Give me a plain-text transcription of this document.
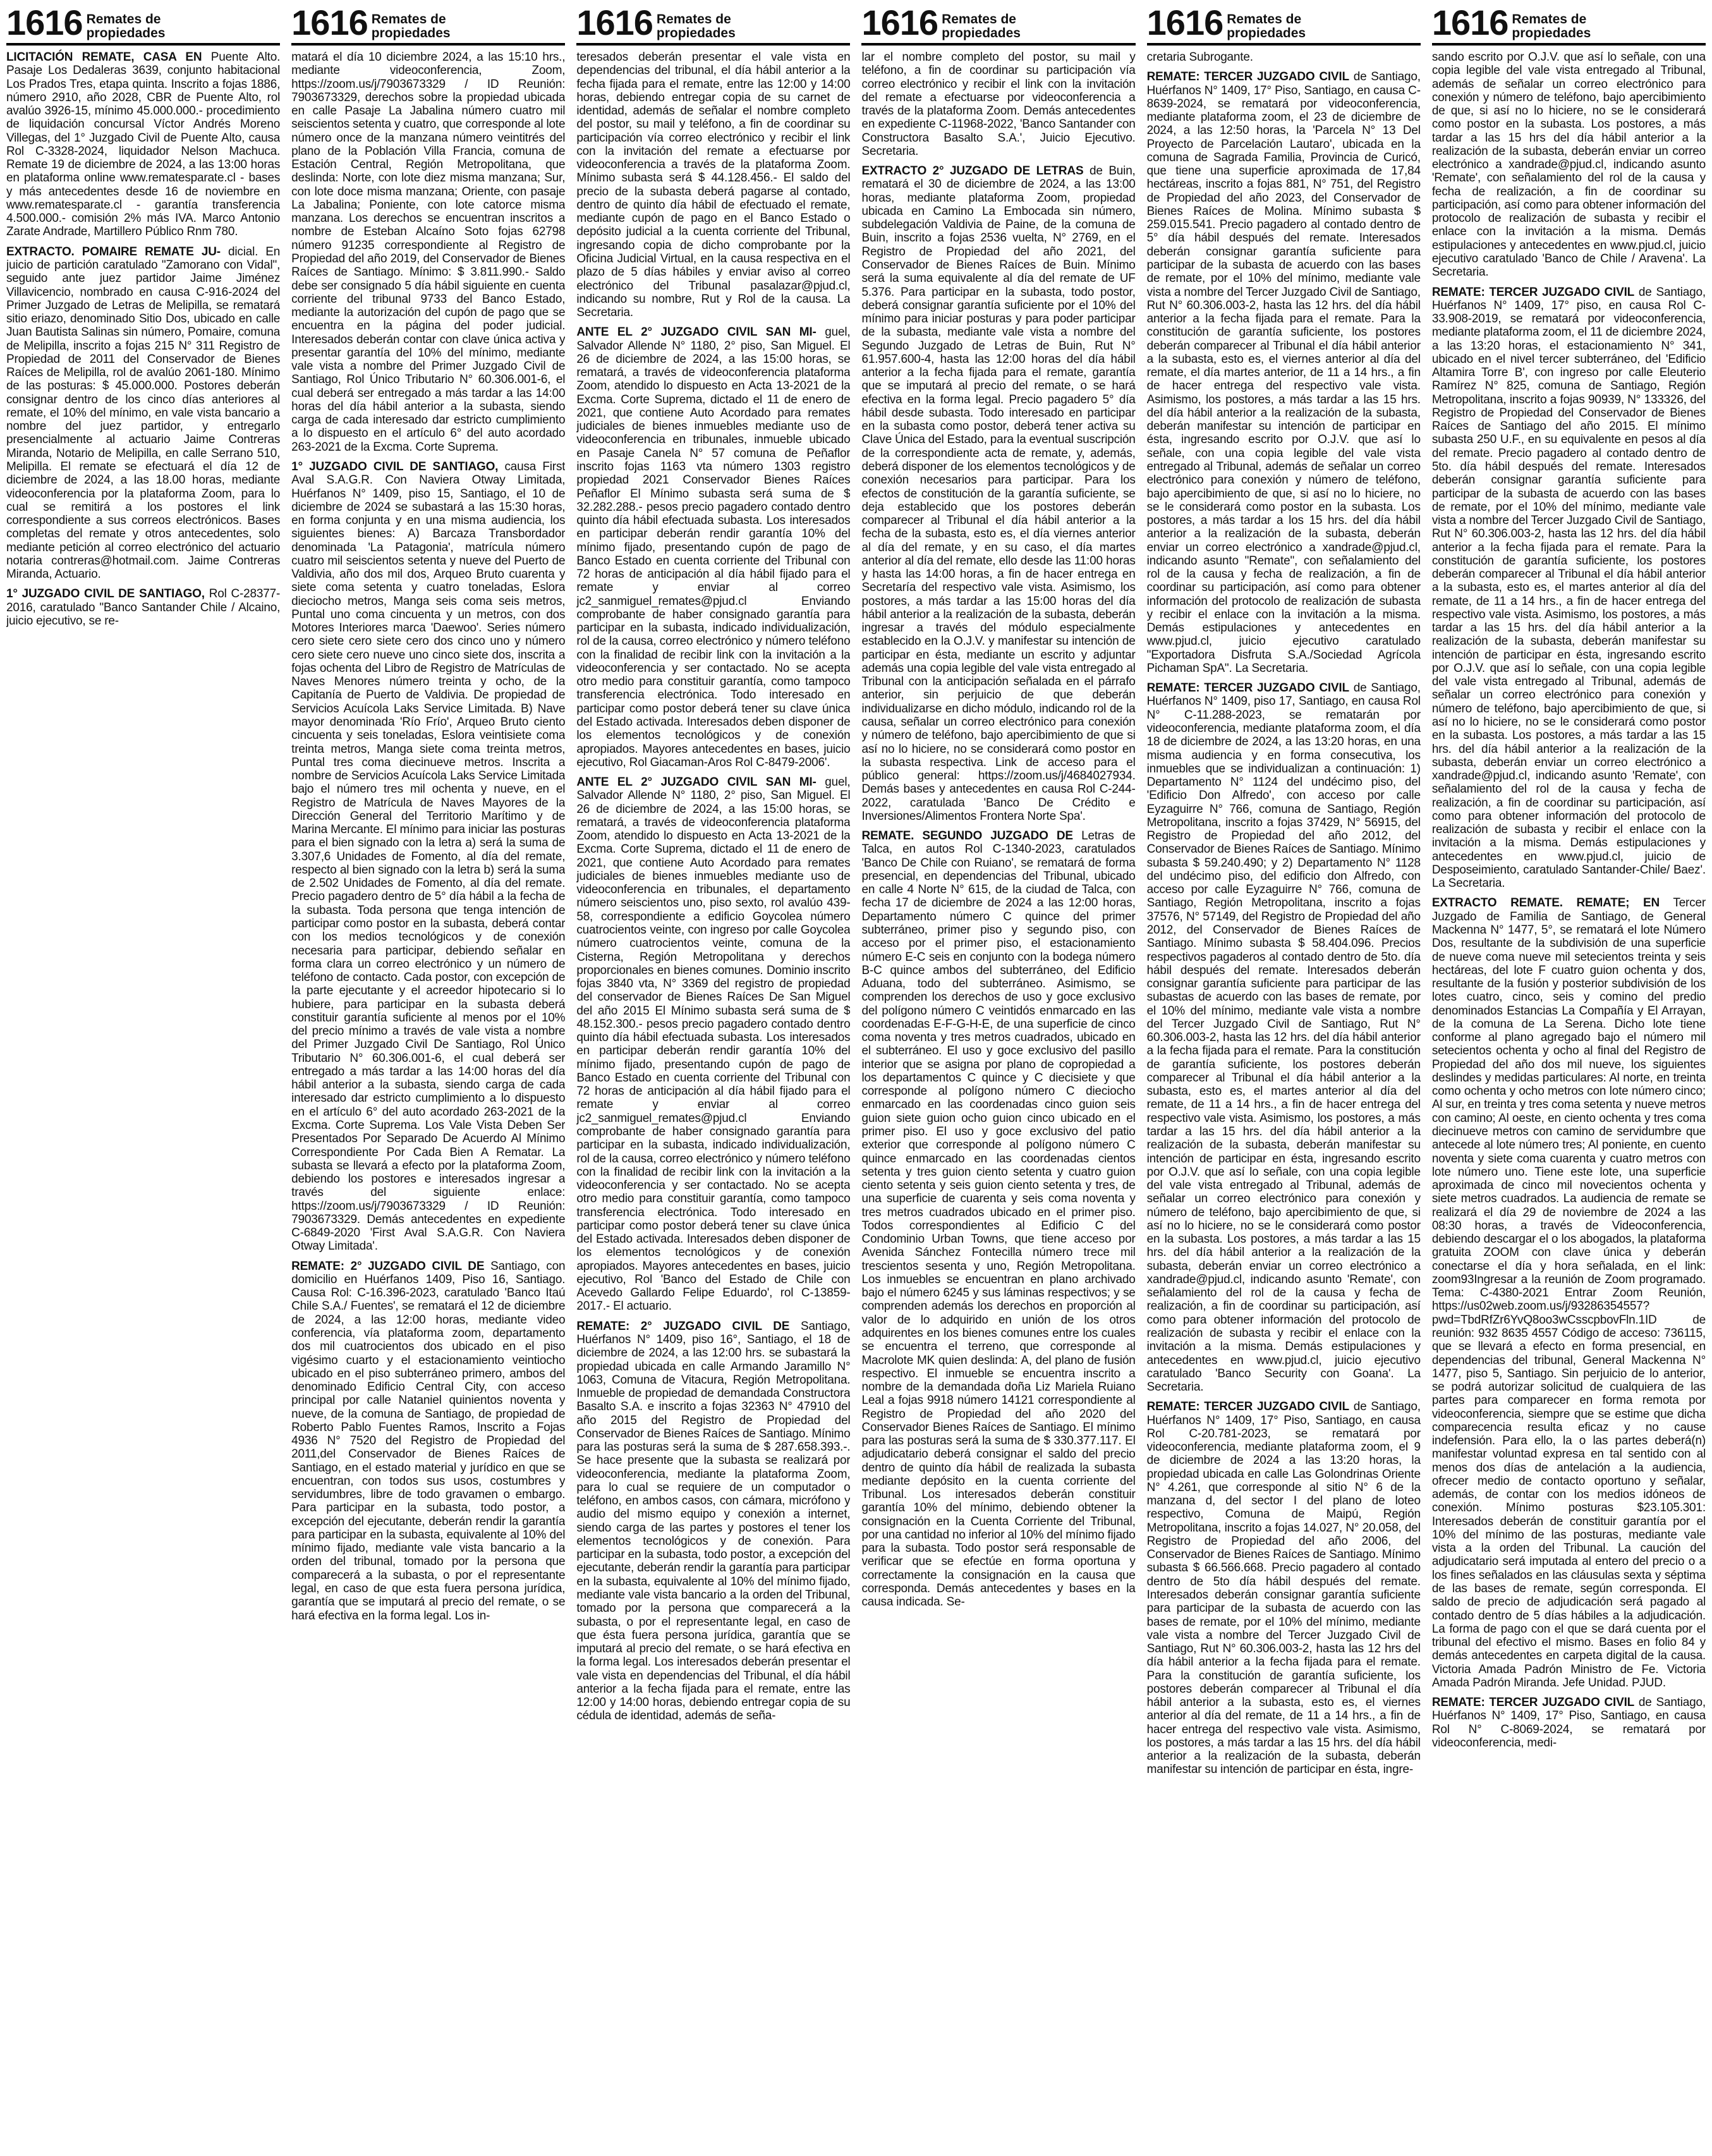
1616 Remates de
propiedades

LICITACIÓN REMATE, CASA EN Puente Alto. Pasaje Los Dedaleras 3639, conjunto habitacional Los Prados Tres, etapa quinta. Inscrito a fojas 1886, número 2910, año 2028, CBR de Puente Alto, rol avalúo 3926-15, mínimo 45.000.000.- procedimiento de liquidación concursal Víctor Andrés Moreno Villegas, del 1° Juzgado Civil de Puente Alto, causa Rol C-3328-2024, liquidador Nelson Machuca. Remate 19 de diciembre de 2024, a las 13:00 horas en plataforma online www.rematesparate.cl - bases y más antecedentes desde 16 de noviembre en www.rematesparate.cl - garantía transferencia 4.500.000.- comisión 2% más IVA. Marco Antonio Zarate Andrade, Martillero Público Rnm 780.

EXTRACTO. POMAIRE REMATE JU- dicial. En juicio de partición caratulado "Zamorano con Vidal", seguido ante juez partidor Jaime Jiménez Villavicencio, nombrado en causa C-916-2024 del Primer Juzgado de Letras de Melipilla, se rematará sitio eriazo, denominado Sitio Dos, ubicado en calle Juan Bautista Salinas sin número, Pomaire, comuna de Melipilla, inscrito a fojas 215 N° 311 Registro de Propiedad de 2011 del Conservador de Bienes Raíces de Melipilla, rol de avalúo 2061-180. Mínimo de las posturas: $ 45.000.000. Postores deberán consignar dentro de los cinco días anteriores al remate, el 10% del mínimo, en vale vista bancario a nombre del juez partidor, y entregarlo presencialmente al actuario Jaime Contreras Miranda, Notario de Melipilla, en calle Serrano 510, Melipilla. El remate se efectuará el día 12 de diciembre de 2024, a las 18.00 horas, mediante videoconferencia por la plataforma Zoom, para lo cual se remitirá a los postores el link correspondiente a sus correos electrónicos. Bases completas del remate y otros antecedentes, solo mediante petición al correo electrónico del actuario notaria contreras@hotmail.com. Jaime Contreras Miranda, Actuario.

1° JUZGADO CIVIL DE SANTIAGO, Rol C-28377-2016, caratulado "Banco Santander Chile / Alcaino, juicio ejecutivo, se re-

1616 Remates de
propiedades

matará el día 10 diciembre 2024, a las 15:10 hrs., mediante videoconferencia, Zoom, https://zoom.us/j/7903673329 / ID Reunión: 7903673329, derechos sobre la propiedad ubicada en calle Pasaje La Jabalina número cuatro mil seiscientos setenta y cuatro, que corresponde al lote número once de la manzana número veintitrés del plano de la Población Villa Francia, comuna de Estación Central, Región Metropolitana, que deslinda: Norte, con lote diez misma manzana; Sur, con lote doce misma manzana; Oriente, con pasaje La Jabalina; Poniente, con lote catorce misma manzana. Los derechos se encuentran inscritos a nombre de Esteban Alcaíno Soto fojas 62798 número 91235 correspondiente al Registro de Propiedad del año 2019, del Conservador de Bienes Raíces de Santiago. Mínimo: $ 3.811.990.- Saldo debe ser consignado 5 día hábil siguiente en cuenta corriente del tribunal 9733 del Banco Estado, mediante la autorización del cupón de pago que se encuentra en la página del poder judicial. Interesados deberán contar con clave única activa y presentar garantía del 10% del mínimo, mediante vale vista a nombre del Primer Juzgado Civil de Santiago, Rol Único Tributario N° 60.306.001-6, el cual deberá ser entregado a más tardar a las 14:00 horas del día hábil anterior a la subasta, siendo carga de cada interesado dar estricto cumplimiento a lo dispuesto en el artículo 6° del auto acordado 263-2021 de la Excma. Corte Suprema.

1° JUZGADO CIVIL DE SANTIAGO, causa First Aval S.A.G.R. Con Naviera Otway Limitada, Huérfanos N° 1409, piso 15, Santiago, el 10 de diciembre de 2024 se subastará a las 15:30 horas, en forma conjunta y en una misma audiencia, los siguientes bienes: A) Barcaza Transbordador denominada 'La Patagonia', matrícula número cuatro mil seiscientos setenta y nueve del Puerto de Valdivia, año dos mil dos, Arqueo Bruto cuarenta y siete coma setenta y cuatro toneladas, Eslora dieciocho metros, Manga seis coma seis metros, Puntal uno coma cincuenta y un metros, con dos Motores Interiores marca 'Daewoo'. Series número cero siete cero siete cero dos cinco uno y número cero siete cero nueve uno cinco siete dos, inscrita a fojas ochenta del Libro de Registro de Matrículas de Naves Menores número treinta y ocho, de la Capitanía de Puerto de Valdivia. De propiedad de Servicios Acuícola Laks Service Limitada. B) Nave mayor denominada 'Río Frío', Arqueo Bruto ciento cincuenta y seis toneladas, Eslora veintisiete coma treinta metros, Manga siete coma treinta metros, Puntal tres coma diecinueve metros. Inscrita a nombre de Servicios Acuícola Laks Service Limitada bajo el número tres mil ochenta y nueve, en el Registro de Matrícula de Naves Mayores de la Dirección General del Territorio Marítimo y de Marina Mercante. El mínimo para iniciar las posturas para el bien signado con la letra a) será la suma de 3.307,6 Unidades de Fomento, al día del remate, respecto al bien signado con la letra b) será la suma de 2.502 Unidades de Fomento, al día del remate. Precio pagadero dentro de 5° día hábil a la fecha de la subasta. Toda persona que tenga intención de participar como postor en la subasta, deberá contar con los medios tecnológicos y de conexión necesaria para participar, debiendo señalar en forma clara un correo electrónico y un número de teléfono de contacto. Cada postor, con excepción de la parte ejecutante y el acreedor hipotecario si lo hubiere, para participar en la subasta deberá constituir garantía suficiente al menos por el 10% del precio mínimo a través de vale vista a nombre del Primer Juzgado Civil De Santiago, Rol Único Tributario N° 60.306.001-6, el cual deberá ser entregado a más tardar a las 14:00 horas del día hábil anterior a la subasta, siendo carga de cada interesado dar estricto cumplimiento a lo dispuesto en el artículo 6° del auto acordado 263-2021 de la Excma. Corte Suprema. Los Vale Vista Deben Ser Presentados Por Separado De Acuerdo Al Mínimo Correspondiente Por Cada Bien A Rematar. La subasta se llevará a efecto por la plataforma Zoom, debiendo los postores e interesados ingresar a través del siguiente enlace: https://zoom.us/j/7903673329 / ID Reunión: 7903673329. Demás antecedentes en expediente C-6849-2020 'First Aval S.A.G.R. Con Naviera Otway Limitada'.

REMATE: 2° JUZGADO CIVIL DE Santiago, con domicilio en Huérfanos 1409, Piso 16, Santiago. Causa Rol: C-16.396-2023, caratulado 'Banco Itaú Chile S.A./ Fuentes', se rematará el 12 de diciembre de 2024, a las 12:00 horas, mediante video conferencia, vía plataforma zoom, departamento dos mil cuatrocientos dos ubicado en el piso vigésimo cuarto y el estacionamiento veintiocho ubicado en el piso subterráneo primero, ambos del denominado Edificio Central City, con acceso principal por calle Nataniel quinientos noventa y nueve, de la comuna de Santiago, de propiedad de Roberto Pablo Fuentes Ramos, Inscrito a Fojas 4936 N° 7520 del Registro de Propiedad del 2011,del Conservador de Bienes Raíces de Santiago, en el estado material y jurídico en que se encuentran, con todos sus usos, costumbres y servidumbres, libre de todo gravamen o embargo. Para participar en la subasta, todo postor, a excepción del ejecutante, deberán rendir la garantía para participar en la subasta, equivalente al 10% del mínimo fijado, mediante vale vista bancario a la orden del tribunal, tomado por la persona que comparecerá a la subasta, o por el representante legal, en caso de que esta fuera persona jurídica, garantía que se imputará al precio del remate, o se hará efectiva en la forma legal. Los in-

1616 Remates de
propiedades

teresados deberán presentar el vale vista en dependencias del tribunal, el día hábil anterior a la fecha fijada para el remate, entre las 12:00 y 14:00 horas, debiendo entregar copia de su carnet de identidad, además de señalar el nombre completo del postor, su mail y teléfono, a fin de coordinar su participación vía correo electrónico y recibir el link con la invitación del remate a efectuarse por videoconferencia a través de la plataforma Zoom. Mínimo subasta será $ 44.128.456.- El saldo del precio de la subasta deberá pagarse al contado, dentro de quinto día hábil de efectuado el remate, mediante cupón de pago en el Banco Estado o depósito judicial a la cuenta corriente del Tribunal, ingresando copia de dicho comprobante por la Oficina Judicial Virtual, en la causa respectiva en el plazo de 5 días hábiles y enviar aviso al correo electrónico del Tribunal pasalazar@pjud.cl, indicando su nombre, Rut y Rol de la causa. La Secretaria.

ANTE EL 2° JUZGADO CIVIL SAN MI- guel, Salvador Allende N° 1180, 2° piso, San Miguel. El 26 de diciembre de 2024, a las 15:00 horas, se rematará, a través de videoconferencia plataforma Zoom, atendido lo dispuesto en Acta 13-2021 de la Excma. Corte Suprema, dictado el 11 de enero de 2021, que contiene Auto Acordado para remates judiciales de bienes inmuebles mediante uso de videoconferencia en tribunales, inmueble ubicado en Pasaje Canela N° 57 comuna de Peñaflor inscrito fojas 1163 vta número 1303 registro propiedad 2021 Conservador Bienes Raíces Peñaflor El Mínimo subasta será suma de $ 32.282.288.- pesos precio pagadero contado dentro quinto día hábil efectuada subasta. Los interesados en participar deberán rendir garantía 10% del mínimo fijado, presentando cupón de pago de Banco Estado en cuenta corriente del Tribunal con 72 horas de anticipación al día hábil fijado para el remate y enviar al correo jc2_sanmiguel_remates@pjud.cl Enviando comprobante de haber consignado garantía para participar en la subasta, indicado individualización, rol de la causa, correo electrónico y número teléfono con la finalidad de recibir link con la invitación a la videoconferencia y ser contactado. No se acepta otro medio para constituir garantía, como tampoco transferencia electrónica. Todo interesado en participar como postor deberá tener su clave única del Estado activada. Interesados deben disponer de los elementos tecnológicos y de conexión apropiados. Mayores antecedentes en bases, juicio ejecutivo, Rol Giacaman-Aros Rol C-8479-2006'.

ANTE EL 2° JUZGADO CIVIL SAN MI- guel, Salvador Allende N° 1180, 2° piso, San Miguel. El 26 de diciembre de 2024, a las 15:00 horas, se rematará, a través de videoconferencia plataforma Zoom, atendido lo dispuesto en Acta 13-2021 de la Excma. Corte Suprema, dictado el 11 de enero de 2021, que contiene Auto Acordado para remates judiciales de bienes inmuebles mediante uso de videoconferencia en tribunales, el departamento número seiscientos uno, piso sexto, rol avalúo 439-58, correspondiente a edificio Goycolea número cuatrocientos veinte, con ingreso por calle Goycolea número cuatrocientos veinte, comuna de la Cisterna, Región Metropolitana y derechos proporcionales en bienes comunes. Dominio inscrito fojas 3840 vta, N° 3369 del registro de propiedad del conservador de Bienes Raíces De San Miguel del año 2015 El Mínimo subasta será suma de $ 48.152.300.- pesos precio pagadero contado dentro quinto día hábil efectuada subasta. Los interesados en participar deberán rendir garantía 10% del mínimo fijado, presentando cupón de pago de Banco Estado en cuenta corriente del Tribunal con 72 horas de anticipación al día hábil fijado para el remate y enviar al correo jc2_sanmiguel_remates@pjud.cl Enviando comprobante de haber consignado garantía para participar en la subasta, indicado individualización, rol de la causa, correo electrónico y número teléfono con la finalidad de recibir link con la invitación a la videoconferencia y ser contactado. No se acepta otro medio para constituir garantía, como tampoco transferencia electrónica. Todo interesado en participar como postor deberá tener su clave única del Estado activada. Interesados deben disponer de los elementos tecnológicos y de conexión apropiados. Mayores antecedentes en bases, juicio ejecutivo, Rol 'Banco del Estado de Chile con Acevedo Gallardo Felipe Eduardo', rol C-13859-2017.- El actuario.

REMATE: 2° JUZGADO CIVIL DE Santiago, Huérfanos N° 1409, piso 16°, Santiago, el 18 de diciembre de 2024, a las 12:00 hrs. se subastará la propiedad ubicada en calle Armando Jaramillo N° 1063, Comuna de Vitacura, Región Metropolitana. Inmueble de propiedad de demandada Constructora Basalto S.A. e inscrito a fojas 32363 N° 47910 del año 2015 del Registro de Propiedad del Conservador de Bienes Raíces de Santiago. Mínimo para las posturas será la suma de $ 287.658.393.-. Se hace presente que la subasta se realizará por videoconferencia, mediante la plataforma Zoom, para lo cual se requiere de un computador o teléfono, en ambos casos, con cámara, micrófono y audio del mismo equipo y conexión a internet, siendo carga de las partes y postores el tener los elementos tecnológicos y de conexión. Para participar en la subasta, todo postor, a excepción del ejecutante, deberán rendir la garantía para participar en la subasta, equivalente al 10% del mínimo fijado, mediante vale vista bancario a la orden del Tribunal, tomado por la persona que comparecerá a la subasta, o por el representante legal, en caso de que ésta fuera persona jurídica, garantía que se imputará al precio del remate, o se hará efectiva en la forma legal. Los interesados deberán presentar el vale vista en dependencias del Tribunal, el día hábil anterior a la fecha fijada para el remate, entre las 12:00 y 14:00 horas, debiendo entregar copia de su cédula de identidad, además de seña-

1616 Remates de
propiedades

lar el nombre completo del postor, su mail y teléfono, a fin de coordinar su participación vía correo electrónico y recibir el link con la invitación del remate a efectuarse por videoconferencia a través de la plataforma Zoom. Demás antecedentes en expediente C-11968-2022, 'Banco Santander con Constructora Basalto S.A.', Juicio Ejecutivo. Secretaria.

EXTRACTO 2° JUZGADO DE LETRAS de Buin, rematará el 30 de diciembre de 2024, a las 13:00 horas, mediante plataforma Zoom, propiedad ubicada en Camino La Embocada sin número, subdelegación Valdivia de Paine, de la comuna de Buin, inscrito a fojas 2536 vuelta, N° 2769, en el Registro de Propiedad del año 2021, del Conservador de Bienes Raíces de Buin. Mínimo será la suma equivalente al día del remate de UF 5.376. Para participar en la subasta, todo postor, deberá consignar garantía suficiente por el 10% del mínimo para iniciar posturas y para poder participar de la subasta, mediante vale vista a nombre del Segundo Juzgado de Letras de Buin, Rut N° 61.957.600-4, hasta las 12:00 horas del día hábil anterior a la fecha fijada para el remate, garantía que se imputará al precio del remate, o se hará efectiva en la forma legal. Precio pagadero 5° día hábil desde subasta. Todo interesado en participar en la subasta como postor, deberá tener activa su Clave Única del Estado, para la eventual suscripción de la correspondiente acta de remate, y, además, deberá disponer de los elementos tecnológicos y de conexión necesarios para participar. Para los efectos de constitución de la garantía suficiente, se deja establecido que los postores deberán comparecer al Tribunal el día hábil anterior a la fecha de la subasta, esto es, el día viernes anterior al día del remate, y en su caso, el día martes anterior al día del remate, ello desde las 11:00 horas y hasta las 14:00 horas, a fin de hacer entrega en Secretaría del respectivo vale vista. Asimismo, los postores, a más tardar a las 15:00 horas del día hábil anterior a la realización de la subasta, deberán ingresar a través del módulo especialmente establecido en la O.J.V. y manifestar su intención de participar en ésta, mediante un escrito y adjuntar además una copia legible del vale vista entregado al Tribunal con la anticipación señalada en el párrafo anterior, sin perjuicio de que deberán individualizarse en dicho módulo, indicando rol de la causa, señalar un correo electrónico para conexión y número de teléfono, bajo apercibimiento de que si así no lo hiciere, no se considerará como postor en la subasta respectiva. Link de acceso para el público general: https://zoom.us/j/4684027934. Demás bases y antecedentes en causa Rol C-244-2022, caratulada 'Banco De Crédito e Inversiones/Alimentos Frontera Norte Spa'.

REMATE. SEGUNDO JUZGADO DE Letras de Talca, en autos Rol C-1340-2023, caratulados 'Banco De Chile con Ruiano', se rematará de forma presencial, en dependencias del Tribunal, ubicado en calle 4 Norte N° 615, de la ciudad de Talca, con fecha 17 de diciembre de 2024 a las 12:00 horas, Departamento número C quince del primer subterráneo, primer piso y segundo piso, con acceso por el primer piso, el estacionamiento número E-C seis en conjunto con la bodega número B-C quince ambos del subterráneo, del Edificio Aduana, todo del subterráneo. Asimismo, se comprenden los derechos de uso y goce exclusivo del polígono número C veintidós enmarcado en las coordenadas E-F-G-H-E, de una superficie de cinco coma noventa y tres metros cuadrados, ubicado en el subterráneo. El uso y goce exclusivo del pasillo interior que se asigna por plano de copropiedad a los departamentos C quince y C diecisiete y que corresponde al polígono número C dieciocho enmarcado en las coordenadas cinco guion seis guion siete guion ocho guion cinco ubicado en el primer piso. El uso y goce exclusivo del patio exterior que corresponde al polígono número C quince enmarcado en las coordenadas cientos setenta y tres guion ciento setenta y cuatro guion ciento setenta y seis guion ciento setenta y tres, de una superficie de cuarenta y seis coma noventa y tres metros cuadrados ubicado en el primer piso. Todos correspondientes al Edificio C del Condominio Urban Towns, que tiene acceso por Avenida Sánchez Fontecilla número trece mil trescientos sesenta y uno, Región Metropolitana. Los inmuebles se encuentran en plano archivado bajo el número 6245 y sus láminas respectivos; y se comprenden además los derechos en proporción al valor de lo adquirido en unión de los otros adquirentes en los bienes comunes entre los cuales se encuentra el terreno, que corresponde al Macrolote MK quien deslinda: A, del plano de fusión respectivo. El inmueble se encuentra inscrito a nombre de la demandada doña Liz Mariela Ruiano Leal a fojas 9918 número 14121 correspondiente al Registro de Propiedad del año 2020 del Conservador Bienes Raíces de Santiago. El mínimo para las posturas será la suma de $ 330.377.117. El adjudicatario deberá consignar el saldo del precio dentro de quinto día hábil de realizada la subasta mediante depósito en la cuenta corriente del Tribunal. Los interesados deberán constituir garantía 10% del mínimo, debiendo obtener la consignación en la Cuenta Corriente del Tribunal, por una cantidad no inferior al 10% del mínimo fijado para la subasta. Todo postor será responsable de verificar que se efectúe en forma oportuna y correctamente la consignación en la causa que corresponda. Demás antecedentes y bases en la causa indicada. Se-

1616 Remates de
propiedades

cretaria Subrogante.

REMATE: TERCER JUZGADO CIVIL de Santiago, Huérfanos N° 1409, 17° Piso, Santiago, en causa C-8639-2024, se rematará por videoconferencia, mediante plataforma zoom, el 23 de diciembre de 2024, a las 12:50 horas, la 'Parcela N° 13 Del Proyecto de Parcelación Lautaro', ubicada en la comuna de Sagrada Familia, Provincia de Curicó, que tiene una superficie aproximada de 17,84 hectáreas, inscrito a fojas 881, N° 751, del Registro de Propiedad del año 2023, del Conservador de Bienes Raíces de Molina. Mínimo subasta $ 259.015.541. Precio pagadero al contado dentro de 5° día hábil después del remate. Interesados deberán consignar garantía suficiente para participar de la subasta de acuerdo con las bases de remate, por el 10% del mínimo, mediante vale vista a nombre del Tercer Juzgado Civil de Santiago, Rut N° 60.306.003-2, hasta las 12 hrs. del día hábil anterior a la fecha fijada para el remate. Para la constitución de garantía suficiente, los postores deberán comparecer al Tribunal el día hábil anterior a la subasta, esto es, el viernes anterior al día del remate, el día martes anterior, de 11 a 14 hrs., a fin de hacer entrega del respectivo vale vista. Asimismo, los postores, a más tardar a las 15 hrs. del día hábil anterior a la realización de la subasta, deberán manifestar su intención de participar en ésta, ingresando escrito por O.J.V. que así lo señale, con una copia legible del vale vista entregado al Tribunal, además de señalar un correo electrónico para conexión y número de teléfono, bajo apercibimiento de que, si así no lo hiciere, no se le considerará como postor en la subasta. Los postores, a más tardar a los 15 hrs. del día hábil anterior a la realización de la subasta, deberán enviar un correo electrónico a xandrade@pjud.cl, indicando asunto "Remate", con señalamiento del rol de la causa y fecha de realización, a fin de coordinar su participación, así como para obtener información del protocolo de realización de subasta y recibir el enlace con la invitación a la misma. Demás estipulaciones y antecedentes en www.pjud.cl, juicio ejecutivo caratulado "Exportadora Disfruta S.A./Sociedad Agrícola Pichaman SpA". La Secretaria.

REMATE: TERCER JUZGADO CIVIL de Santiago, Huérfanos N° 1409, piso 17, Santiago, en causa Rol N° C-11.288-2023, se rematarán por videoconferencia, mediante plataforma zoom, el día 18 de diciembre de 2024, a las 13:20 horas, en una misma audiencia y en forma consecutiva, los inmuebles que se individualizan a continuación: 1) Departamento N° 1124 del undécimo piso, del 'Edificio Don Alfredo', con acceso por calle Eyzaguirre N° 766, comuna de Santiago, Región Metropolitana, inscrito a fojas 37429, N° 56915, del Registro de Propiedad del año 2012, del Conservador de Bienes Raíces de Santiago. Mínimo subasta $ 59.240.490; y 2) Departamento N° 1128 del undécimo piso, del edificio don Alfredo, con acceso por calle Eyzaguirre N° 766, comuna de Santiago, Región Metropolitana, inscrito a fojas 37576, N° 57149, del Registro de Propiedad del año 2012, del Conservador de Bienes Raíces de Santiago. Mínimo subasta $ 58.404.096. Precios respectivos pagaderos al contado dentro de 5to. día hábil después del remate. Interesados deberán consignar garantía suficiente para participar de las subastas de acuerdo con las bases de remate, por el 10% del mínimo, mediante vale vista a nombre del Tercer Juzgado Civil de Santiago, Rut N° 60.306.003-2, hasta las 12 hrs. del día hábil anterior a la fecha fijada para el remate. Para la constitución de garantía suficiente, los postores deberán comparecer al Tribunal el día hábil anterior a la subasta, esto es, el martes anterior al día del remate, de 11 a 14 hrs., a fin de hacer entrega del respectivo vale vista. Asimismo, los postores, a más tardar a las 15 hrs. del día hábil anterior a la realización de la subasta, deberán manifestar su intención de participar en ésta, ingresando escrito por O.J.V. que así lo señale, con una copia legible del vale vista entregado al Tribunal, además de señalar un correo electrónico para conexión y número de teléfono, bajo apercibimiento de que, si así no lo hiciere, no se le considerará como postor en la subasta. Los postores, a más tardar a las 15 hrs. del día hábil anterior a la realización de la subasta, deberán enviar un correo electrónico a xandrade@pjud.cl, indicando asunto 'Remate', con señalamiento del rol de la causa y fecha de realización, a fin de coordinar su participación, así como para obtener información del protocolo de realización de subasta y recibir el enlace con la invitación a la misma. Demás estipulaciones y antecedentes en www.pjud.cl, juicio ejecutivo caratulado 'Banco Security con Goana'. La Secretaria.

REMATE: TERCER JUZGADO CIVIL de Santiago, Huérfanos N° 1409, 17° Piso, Santiago, en causa Rol C-20.781-2023, se rematará por videoconferencia, mediante plataforma zoom, el 9 de diciembre de 2024 a las 13:20 horas, la propiedad ubicada en calle Las Golondrinas Oriente N° 4.261, que corresponde al sitio N° 6 de la manzana d, del sector I del plano de loteo respectivo, Comuna de Maipú, Región Metropolitana, inscrito a fojas 14.027, N° 20.058, del Registro de Propiedad del año 2006, del Conservador de Bienes Raíces de Santiago. Mínimo subasta $ 66.566.668. Precio pagadero al contado dentro de 5to día hábil después del remate. Interesados deberán consignar garantía suficiente para participar de la subasta de acuerdo con las bases de remate, por el 10% del mínimo, mediante vale vista a nombre del Tercer Juzgado Civil de Santiago, Rut N° 60.306.003-2, hasta las 12 hrs del día hábil anterior a la fecha fijada para el remate. Para la constitución de garantía suficiente, los postores deberán comparecer al Tribunal el día hábil anterior a la subasta, esto es, el viernes anterior al día del remate, de 11 a 14 hrs., a fin de hacer entrega del respectivo vale vista. Asimismo, los postores, a más tardar a las 15 hrs. del día hábil anterior a la realización de la subasta, deberán manifestar su intención de participar en ésta, ingre-

1616 Remates de
propiedades

sando escrito por O.J.V. que así lo señale, con una copia legible del vale vista entregado al Tribunal, además de señalar un correo electrónico para conexión y número de teléfono, bajo apercibimiento de que, si así no lo hiciere, no se le considerará como postor en la subasta. Los postores, a más tardar a las 15 hrs del día hábil anterior a la realización de la subasta, deberán enviar un correo electrónico a xandrade@pjud.cl, indicando asunto 'Remate', con señalamiento del rol de la causa y fecha de realización, a fin de coordinar su participación, así como para obtener información del protocolo de realización de subasta y recibir el enlace con la invitación a la misma. Demás estipulaciones y antecedentes en www.pjud.cl, juicio ejecutivo caratulado 'Banco de Chile / Aravena'. La Secretaria.

REMATE: TERCER JUZGADO CIVIL de Santiago, Huérfanos N° 1409, 17° piso, en causa Rol C-33.908-2019, se rematará por videoconferencia, mediante plataforma zoom, el 11 de diciembre 2024, a las 13:20 horas, el estacionamiento N° 341, ubicado en el nivel tercer subterráneo, del 'Edificio Altamira Torre B', con ingreso por calle Eleuterio Ramírez N° 825, comuna de Santiago, Región Metropolitana, inscrito a fojas 90939, N° 133326, del Registro de Propiedad del Conservador de Bienes Raíces de Santiago del año 2015. El mínimo subasta 250 U.F., en su equivalente en pesos al día del remate. Precio pagadero al contado dentro de 5to. día hábil después del remate. Interesados deberán consignar garantía suficiente para participar de la subasta de acuerdo con las bases de remate, por el 10% del mínimo, mediante vale vista a nombre del Tercer Juzgado Civil de Santiago, Rut N° 60.306.003-2, hasta las 12 hrs. del día hábil anterior a la fecha fijada para el remate. Para la constitución de garantía suficiente, los postores deberán comparecer al Tribunal el día hábil anterior a la subasta, esto es, el martes anterior al día del remate, de 11 a 14 hrs., a fin de hacer entrega del respectivo vale vista. Asimismo, los postores, a más tardar a las 15 hrs. del día hábil anterior a la realización de la subasta, deberán manifestar su intención de participar en ésta, ingresando escrito por O.J.V. que así lo señale, con una copia legible del vale vista entregado al Tribunal, además de señalar un correo electrónico para conexión y número de teléfono, bajo apercibimiento de que, si así no lo hiciere, no se le considerará como postor en la subasta. Los postores, a más tardar a las 15 hrs. del día hábil anterior a la realización de la subasta, deberán enviar un correo electrónico a xandrade@pjud.cl, indicando asunto 'Remate', con señalamiento del rol de la causa y fecha de realización, a fin de coordinar su participación, así como para obtener información del protocolo de realización de subasta y recibir el enlace con la invitación a la misma. Demás estipulaciones y antecedentes en www.pjud.cl, juicio de Desposeimiento, caratulado Santander-Chile/ Baez'. La Secretaria.

EXTRACTO REMATE. REMATE; EN Tercer Juzgado de Familia de Santiago, de General Mackenna N° 1477, 5°, se rematará el lote Número Dos, resultante de la subdivisión de una superficie de nueve coma nueve mil setecientos treinta y seis hectáreas, del lote F cuatro guion ochenta y dos, resultante de la fusión y posterior subdivisión de los lotes cuatro, cinco, seis y comino del predio denominados Estancias La Compañía y El Arrayan, de la comuna de La Serena. Dicho lote tiene conforme al plano agregado bajo el número mil setecientos ochenta y ocho al final del Registro de Propiedad del año dos mil nueve, los siguientes deslindes y medidas particulares: Al norte, en treinta como ochenta y ocho metros con lote número cinco; Al sur, en treinta y tres coma setenta y nueve metros con camino; Al oeste, en ciento ochenta y tres coma diecinueve metros con camino de servidumbre que antecede al lote número tres; Al poniente, en cuento noventa y siete coma cuarenta y cuatro metros con lote número uno. Tiene este lote, una superficie aproximada de cinco mil novecientos ochenta y siete metros cuadrados. La audiencia de remate se realizará el día 29 de noviembre de 2024 a las 08:30 horas, a través de Videoconferencia, debiendo descargar el o los abogados, la plataforma gratuita ZOOM con clave única y deberán conectarse el día y hora señalada, en el link: zoom93Ingresar a la reunión de Zoom programado. Tema: C-4380-2021 Entrar Zoom Reunión, https://us02web.zoom.us/j/93286354557?pwd=TbdRfZr6YvQ8oo3wCsscpbovFln.1ID de reunión: 932 8635 4557 Código de acceso: 736115, que se llevará a efecto en forma presencial, en dependencias del tribunal, General Mackenna N° 1477, piso 5, Santiago. Sin perjuicio de lo anterior, se podrá autorizar solicitud de cualquiera de las partes para comparecer en forma remota por videoconferencia, siempre que se estime que dicha comparecencia resulta eficaz y no cause indefensión. Para ello, la o las partes deberá(n) manifestar voluntad expresa en tal sentido con al menos dos días de antelación a la audiencia, ofrecer medio de contacto oportuno y señalar, además, de contar con los medios idóneos de conexión. Mínimo posturas $23.105.301: Interesados deberán de constituir garantía por el 10% del mínimo de las posturas, mediante vale vista a la orden del Tribunal. La caución del adjudicatario será imputada al entero del precio o a los fines señalados en las cláusulas sexta y séptima de las bases de remate, según corresponda. El saldo de precio de adjudicación será pagado al contado dentro de 5 días hábiles a la adjudicación. La forma de pago con el que se dará cuenta por el tribunal del efectivo el mismo. Bases en folio 84 y demás antecedentes en carpeta digital de la causa. Victoria Amada Padrón Ministro de Fe. Victoria Amada Padrón Miranda. Jefe Unidad. PJUD.

REMATE: TERCER JUZGADO CIVIL de Santiago, Huérfanos N° 1409, 17° Piso, Santiago, en causa Rol N° C-8069-2024, se rematará por videoconferencia, medi-
